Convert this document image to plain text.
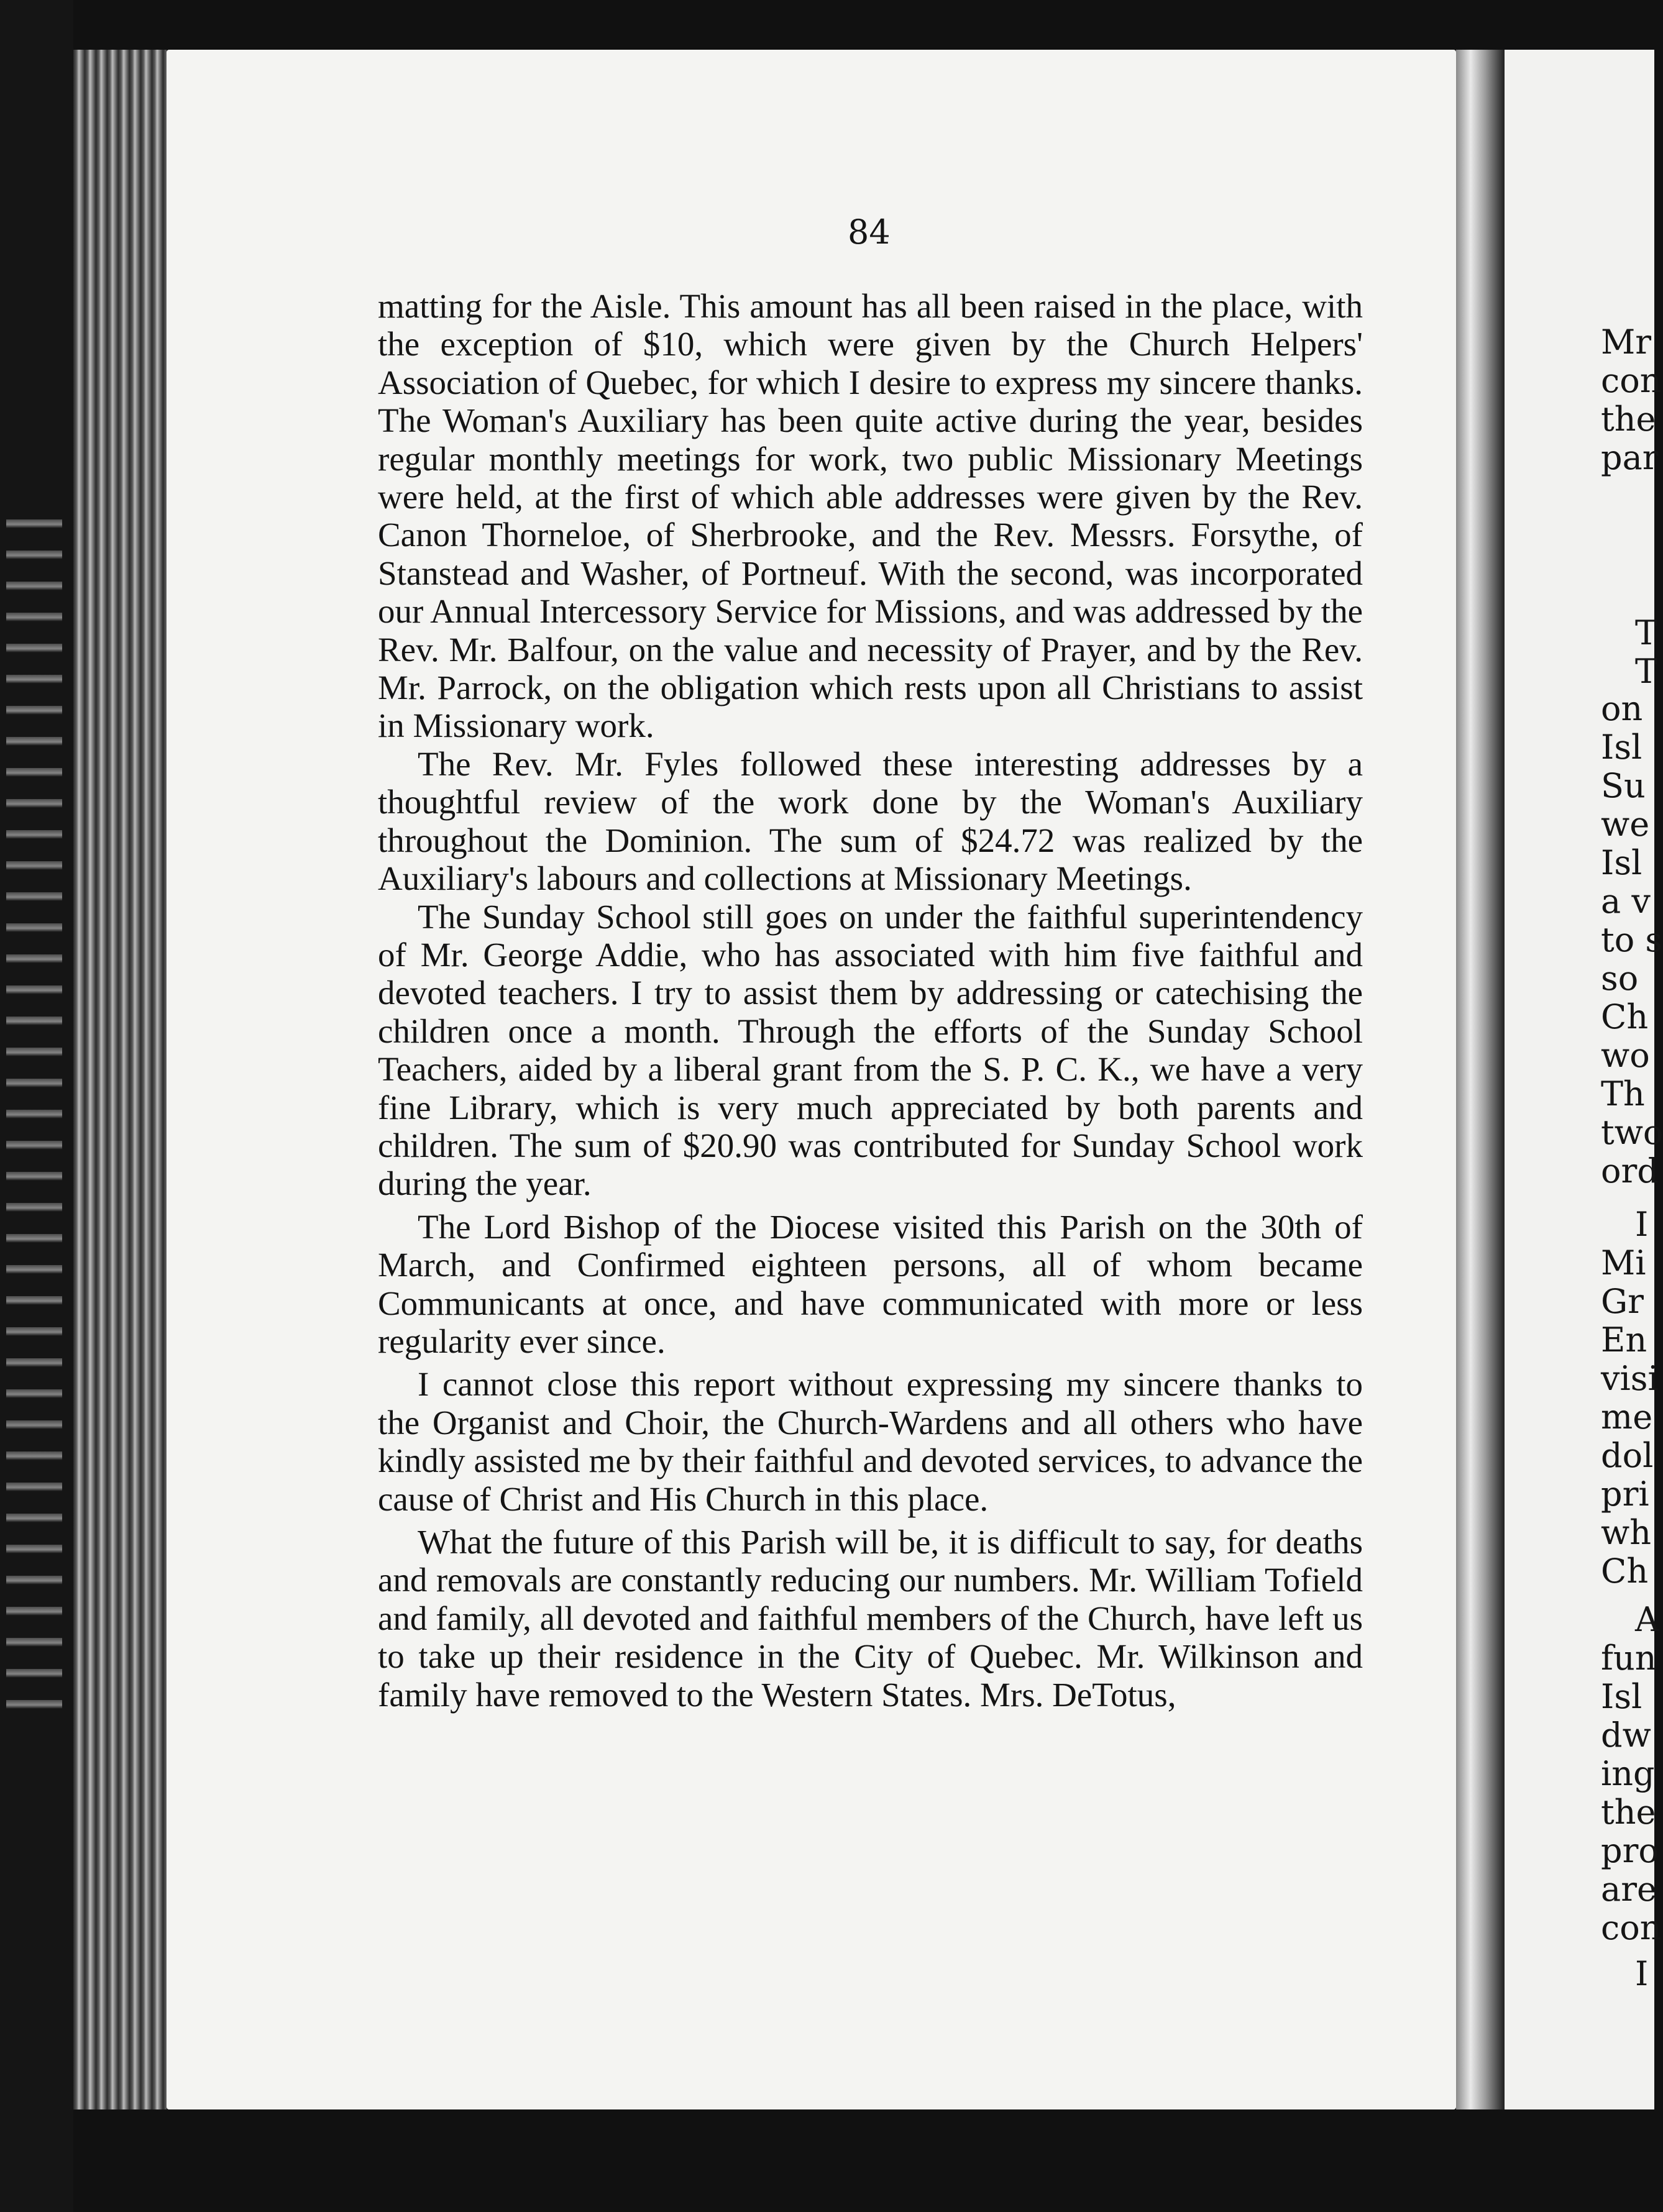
84

matting for the Aisle. This amount has all been raised in the place, with the exception of $10, which were given by the Church Helpers' Association of Quebec, for which I desire to express my sincere thanks. The Woman's Auxiliary has been quite active during the year, besides regular monthly meetings for work, two public Missionary Meetings were held, at the first of which able addresses were given by the Rev. Canon Thorneloe, of Sherbrooke, and the Rev. Messrs. Forsythe, of Stanstead and Washer, of Portneuf. With the second, was incorporated our Annual Intercessory Service for Missions, and was addressed by the Rev. Mr. Balfour, on the value and necessity of Prayer, and by the Rev. Mr. Parrock, on the obligation which rests upon all Christians to assist in Missionary work.

The Rev. Mr. Fyles followed these interesting addresses by a thoughtful review of the work done by the Woman's Auxiliary throughout the Dominion. The sum of $24.72 was realized by the Auxiliary's labours and collections at Missionary Meetings.

The Sunday School still goes on under the faithful superintendency of Mr. George Addie, who has associated with him five faithful and devoted teachers. I try to assist them by addressing or catechising the children once a month. Through the efforts of the Sunday School Teachers, aided by a liberal grant from the S. P. C. K., we have a very fine Library, which is very much appreciated by both parents and children. The sum of $20.90 was contributed for Sunday School work during the year.

The Lord Bishop of the Diocese visited this Parish on the 30th of March, and Confirmed eighteen persons, all of whom became Communicants at once, and have communicated with more or less regularity ever since.

I cannot close this report without expressing my sincere thanks to the Organist and Choir, the Church-Wardens and all others who have kindly assisted me by their faithful and devoted services, to advance the cause of Christ and His Church in this place.

What the future of this Parish will be, it is difficult to say, for deaths and removals are constantly reducing our numbers. Mr. William Tofield and family, all devoted and faithful members of the Church, have left us to take up their residence in the City of Quebec. Mr. Wilkinson and family have removed to the Western States. Mrs. DeTotus,

Mr

con

the

par

T

T

on

Isl

Su

we

Isl

a v

to s

so

Ch

wo

Th

two

ord

I

Mi

Gr

En

visi

me

dol

pri

wh

Ch

A

fun

Isl

dw

ing

the

pro

are

con

I
